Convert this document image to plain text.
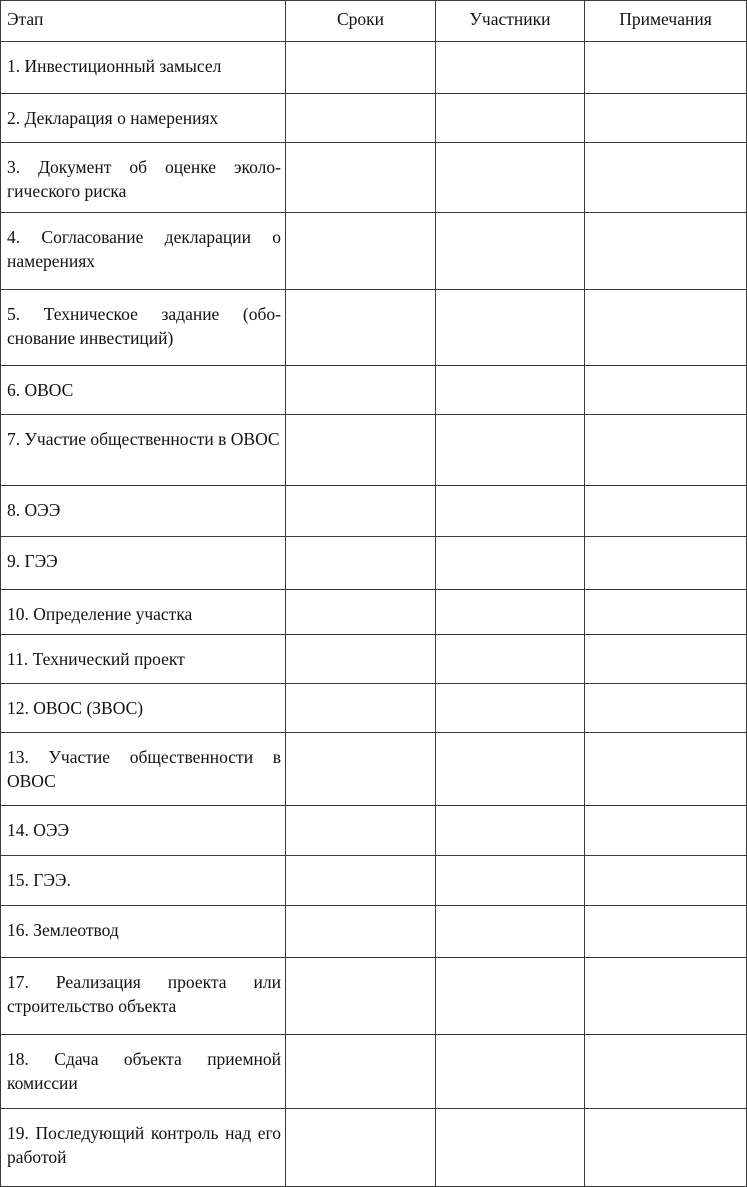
Этап	Сроки	Участники	Примечания
1. Инвестиционный замысел			
2. Декларация о намерениях			
3. Документ об оценке эколо-гического риска			
4. Согласование декларации о намерениях			
5. Техническое задание (обо-снование инвестиций)			
6. ОВОС			
7. Участие общественности в ОВОС			
8. ОЭЭ			
9. ГЭЭ			
10. Определение участка			
11. Технический проект			
12. ОВОС (ЗВОС)			
13. Участие общественности в ОВОС			
14. ОЭЭ			
15. ГЭЭ.			
16. Землеотвод			
17. Реализация проекта или строительство объекта			
18. Сдача объекта приемной комиссии			
19. Последующий контроль над его работой			
